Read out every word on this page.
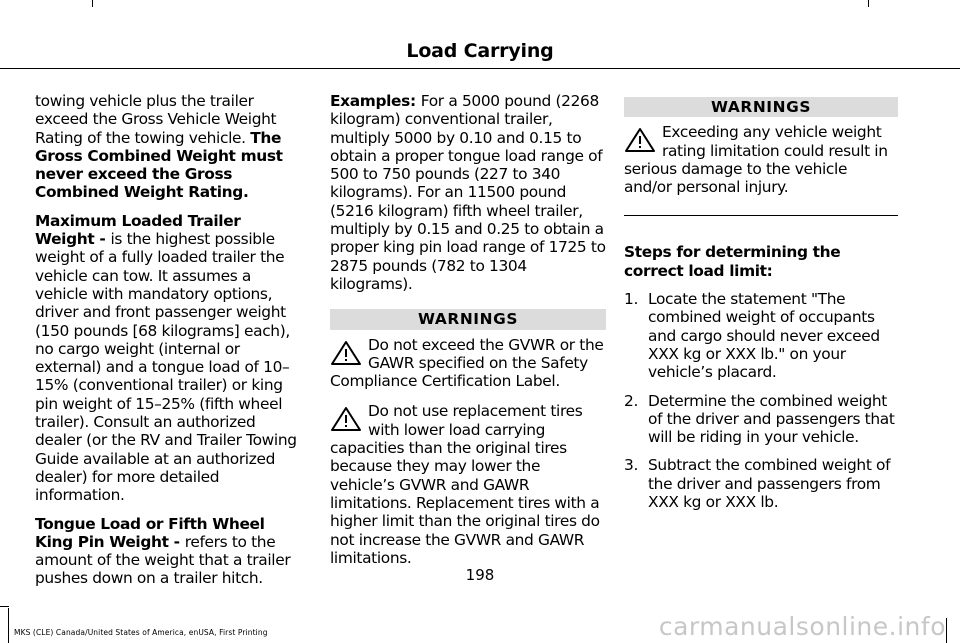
Load Carrying

towing vehicle plus the trailer exceed the Gross Vehicle Weight Rating of the towing vehicle. The Gross Combined Weight must never exceed the Gross Combined Weight Rating.

Maximum Loaded Trailer Weight - is the highest possible weight of a fully loaded trailer the vehicle can tow. It assumes a vehicle with mandatory options, driver and front passenger weight (150 pounds [68 kilograms] each), no cargo weight (internal or external) and a tongue load of 10–15% (conventional trailer) or king pin weight of 15–25% (fifth wheel trailer). Consult an authorized dealer (or the RV and Trailer Towing Guide available at an authorized dealer) for more detailed information.

Tongue Load or Fifth Wheel King Pin Weight - refers to the amount of the weight that a trailer pushes down on a trailer hitch.

Examples: For a 5000 pound (2268 kilogram) conventional trailer, multiply 5000 by 0.10 and 0.15 to obtain a proper tongue load range of 500 to 750 pounds (227 to 340 kilograms). For an 11500 pound (5216 kilogram) fifth wheel trailer, multiply by 0.15 and 0.25 to obtain a proper king pin load range of 1725 to 2875 pounds (782 to 1304 kilograms).

WARNINGS
Do not exceed the GVWR or the GAWR specified on the Safety Compliance Certification Label.
Do not use replacement tires with lower load carrying capacities than the original tires because they may lower the vehicle’s GVWR and GAWR limitations. Replacement tires with a higher limit than the original tires do not increase the GVWR and GAWR limitations.
WARNINGS
Exceeding any vehicle weight rating limitation could result in serious damage to the vehicle and/or personal injury.
Steps for determining the correct load limit:
1. Locate the statement "The combined weight of occupants and cargo should never exceed XXX kg or XXX lb." on your vehicle’s placard.
2. Determine the combined weight of the driver and passengers that will be riding in your vehicle.
3. Subtract the combined weight of the driver and passengers from XXX kg or XXX lb.
198
MKS (CLE) Canada/United States of America, enUSA, First Printing	carmanualsonline.info
